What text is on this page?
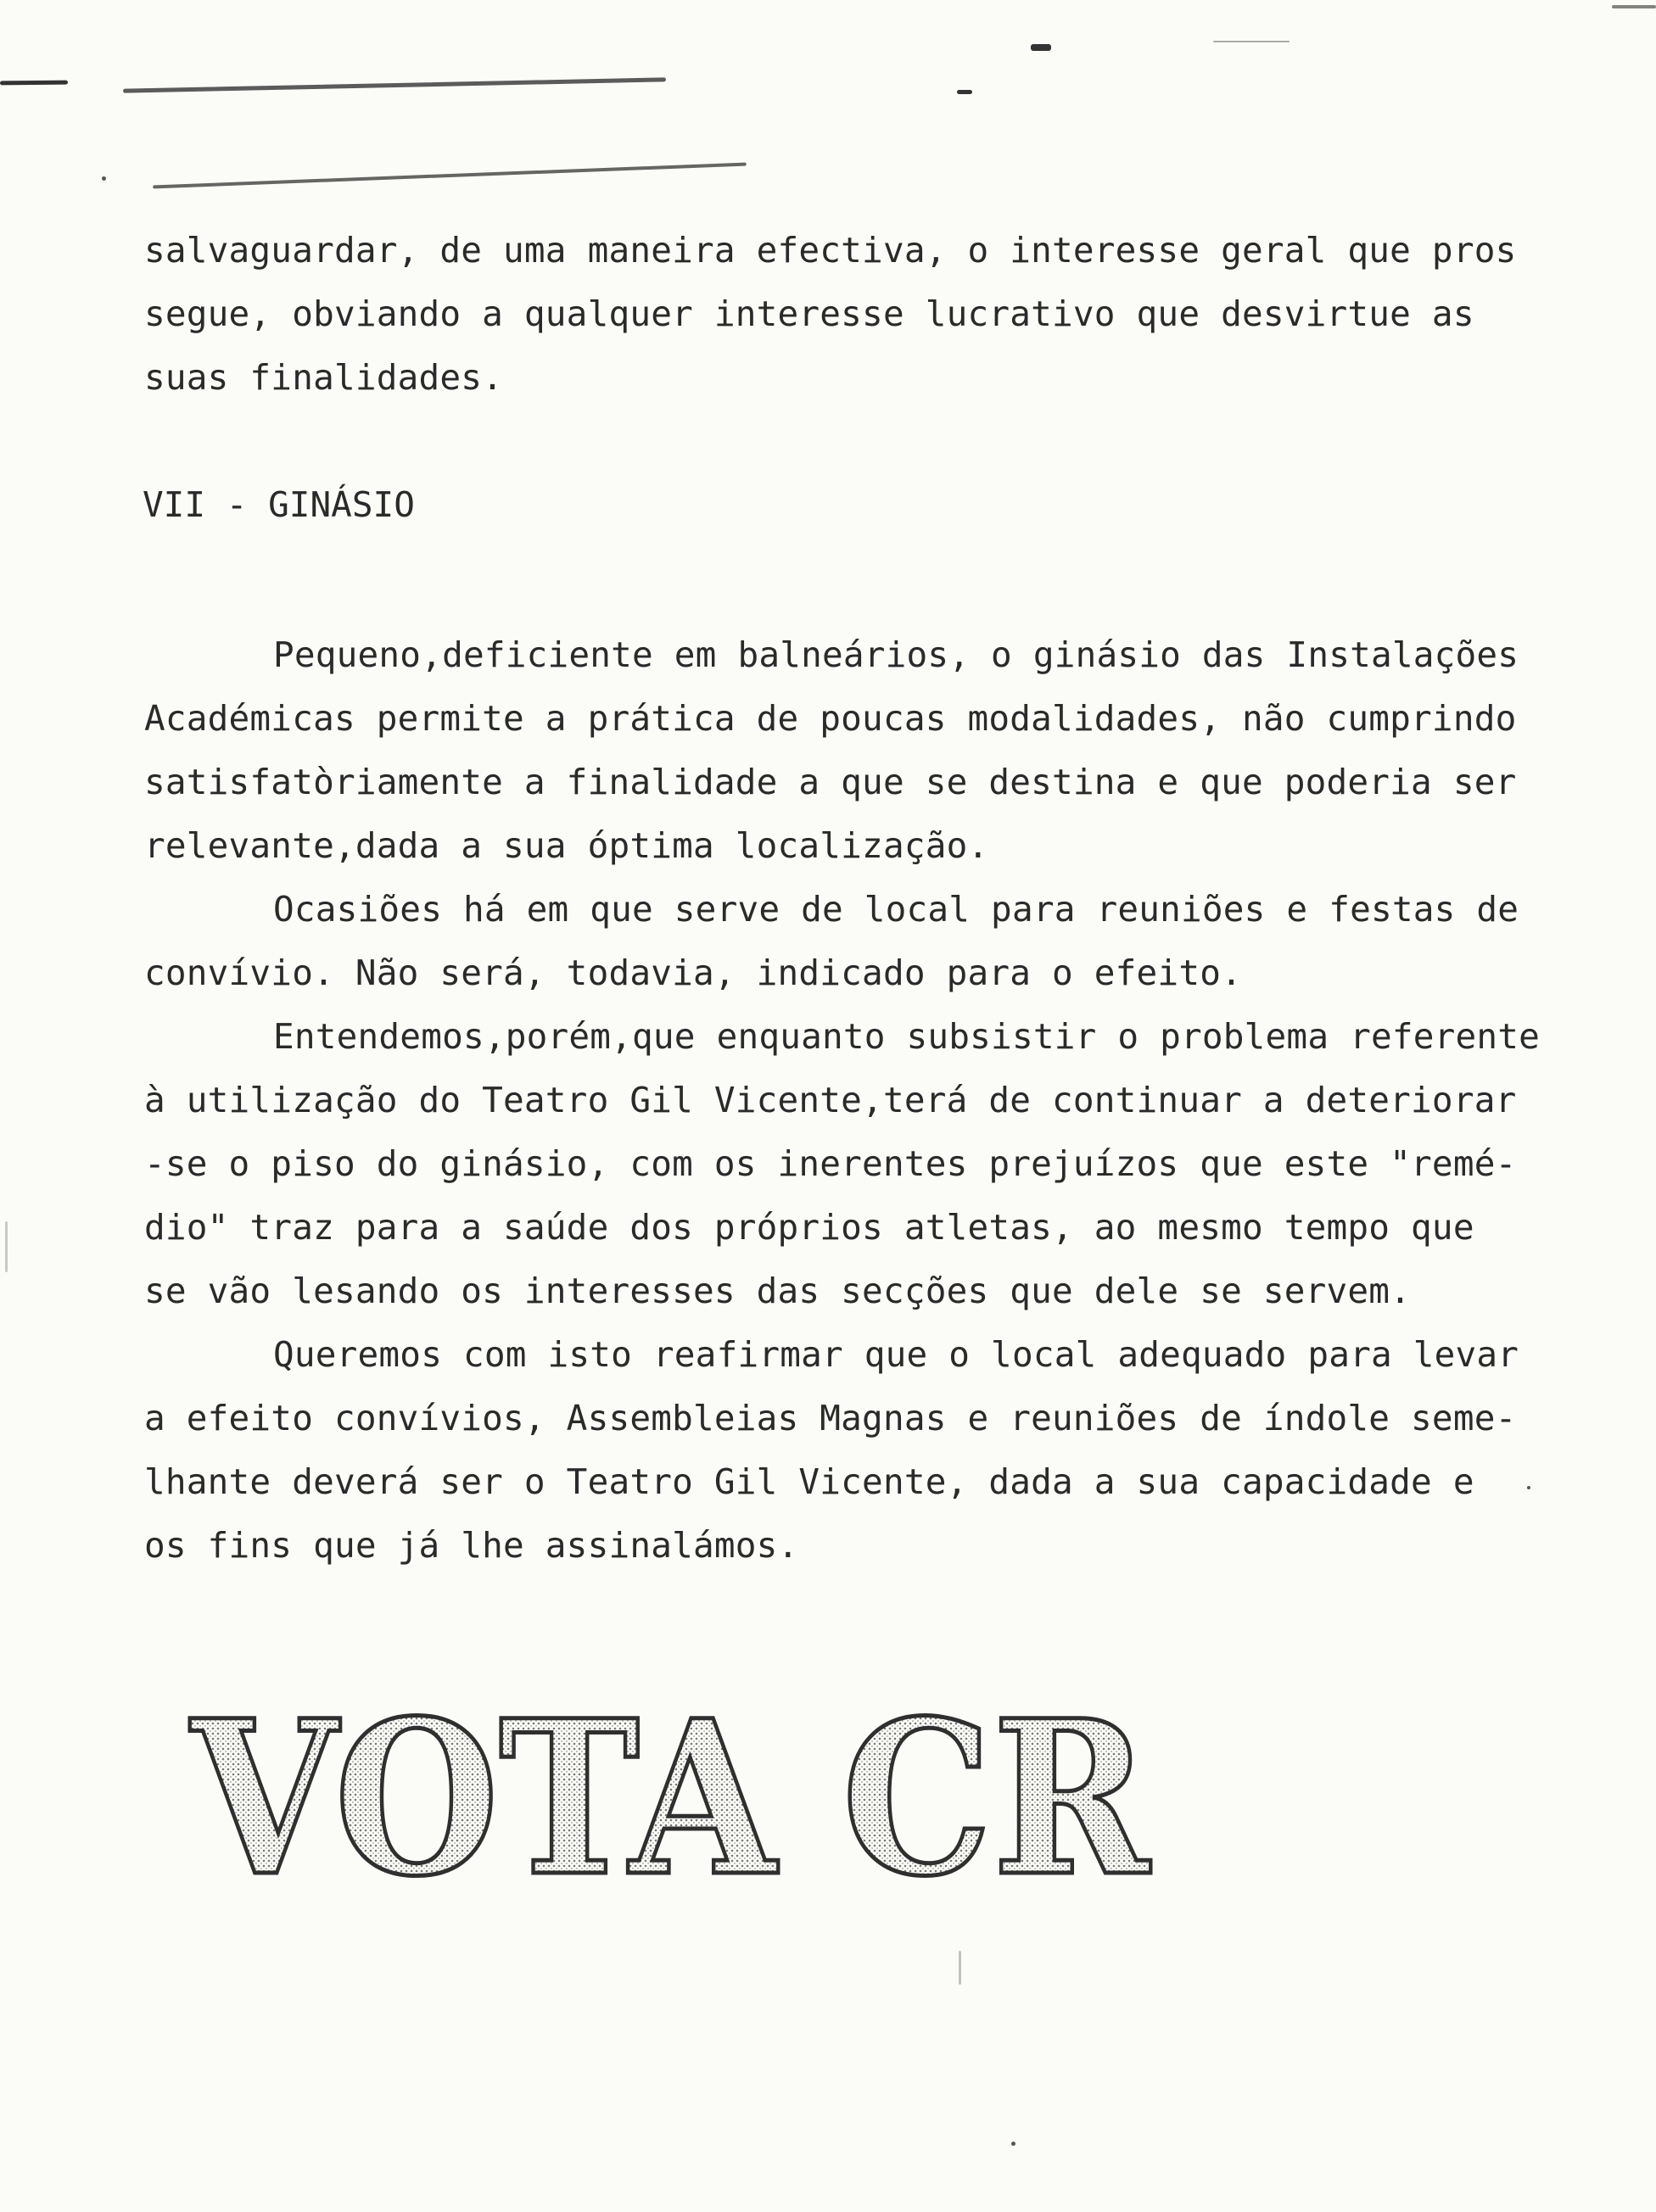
salvaguardar, de uma maneira efectiva, o interesse geral que pros
segue, obviando a qualquer interesse lucrativo que desvirtue as
suas finalidades.
VII - GINÁSIO
Pequeno,deficiente em balneários, o ginásio das Instalações
Académicas permite a prática de poucas modalidades, não cumprindo
satisfatòriamente a finalidade a que se destina e que poderia ser
relevante,dada a sua óptima localização.
Ocasiões há em que serve de local para reuniões e festas de
convívio. Não será, todavia, indicado para o efeito.
Entendemos,porém,que enquanto subsistir o problema referente
à utilização do Teatro Gil Vicente,terá de continuar a deteriorar
-se o piso do ginásio, com os inerentes prejuízos que este "remé-
dio" traz para a saúde dos próprios atletas, ao mesmo tempo que
se vão lesando os interesses das secções que dele se servem.
Queremos com isto reafirmar que o local adequado para levar
a efeito convívios, Assembleias Magnas e reuniões de índole seme-
lhante deverá ser o Teatro Gil Vicente, dada a sua capacidade e
os fins que já lhe assinalámos.
VOTA CR
